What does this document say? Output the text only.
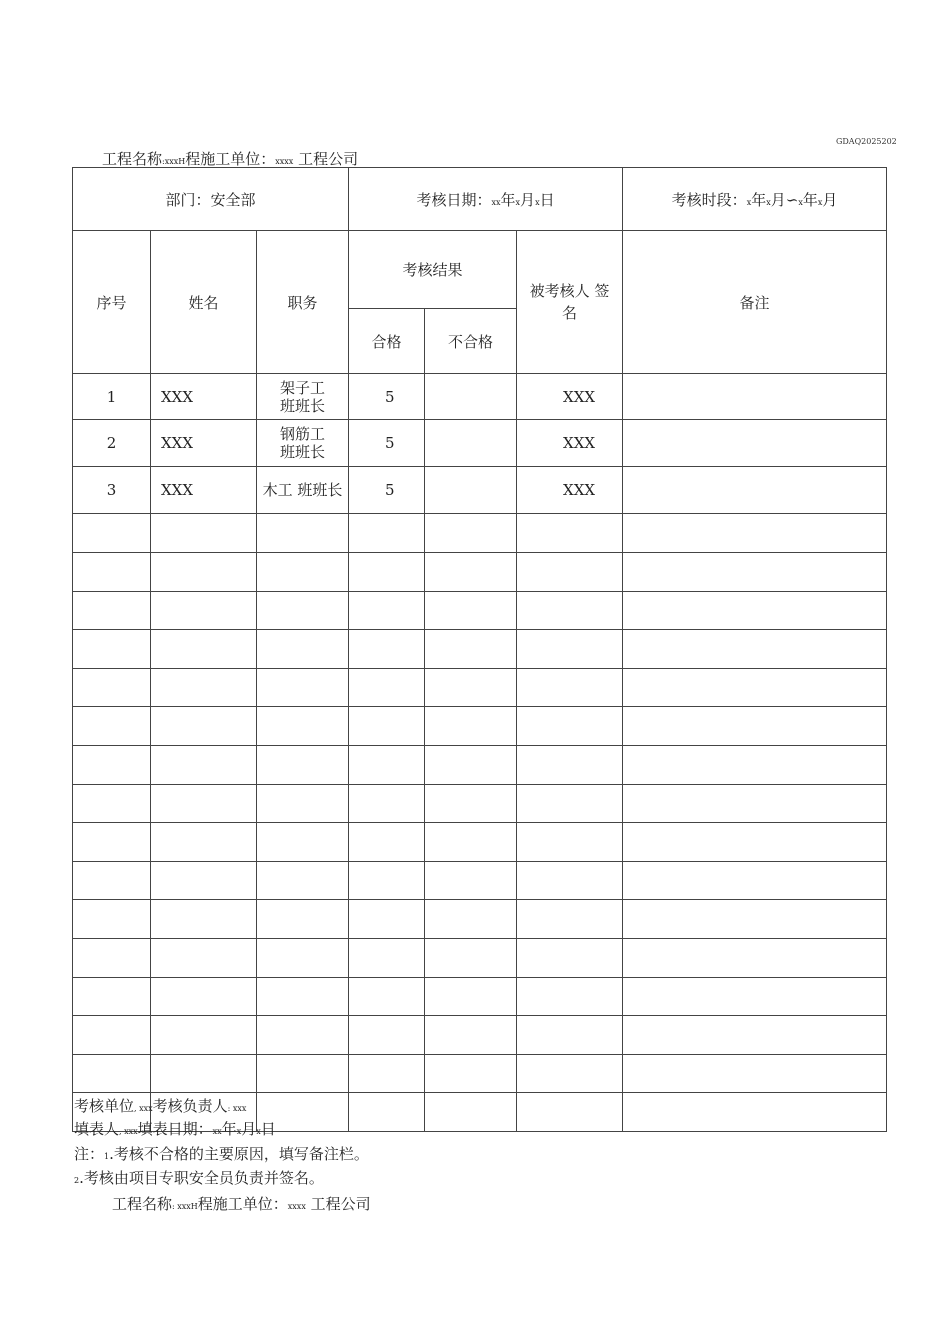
GDAQ2025202
工程名称:xxxH程施工单位：xxxx 工程公司
部门：安全部			考核日期：xx年x月x日			考核时段：x年x月∽x年x月
序号	姓名	职务	考核结果		被考核人 签名	备注
			合格	不合格		
1	XXX	架子工班班长	5		XXX	
2	XXX	钢筋工班班长	5		XXX	
3	XXX	木工 班班长	5		XXX	

考核单位, xxx考核负责人: xxx
填表人, xxx填表日期：xx年x月x日
注：1.考核不合格的主要原因，填写备注栏。
2.考核由项目专职安全员负责并签名。
工程名称: xxxH程施工单位：xxxx 工程公司
